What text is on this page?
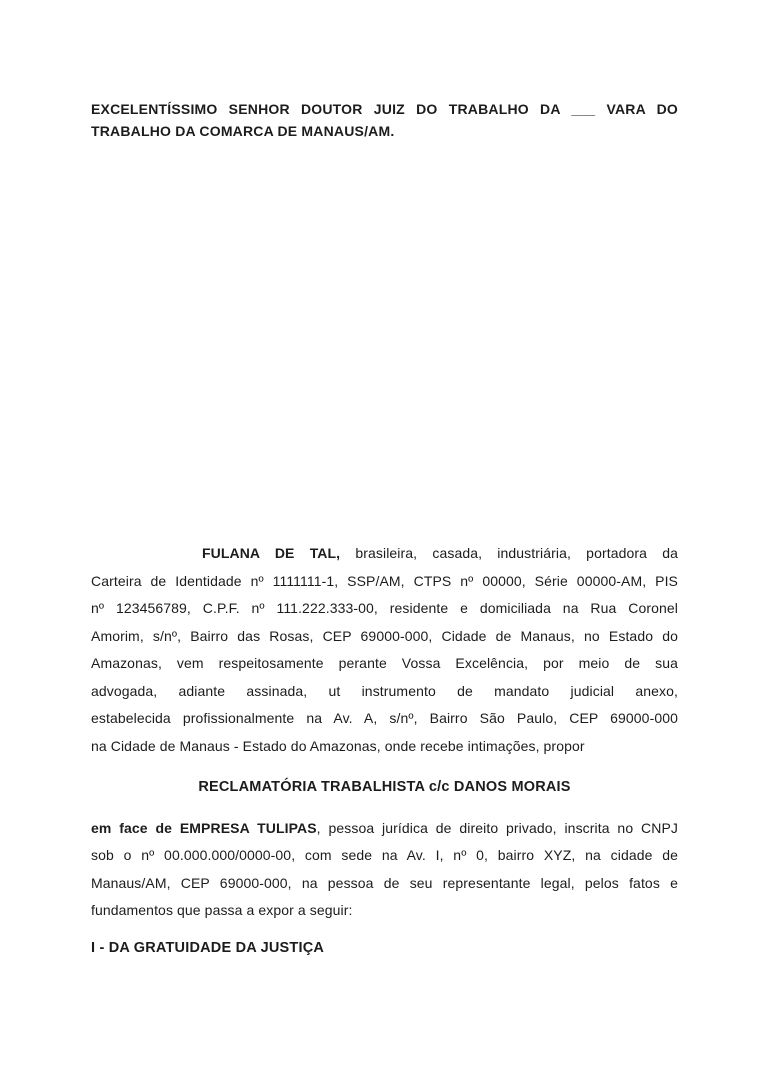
EXCELENTÍSSIMO SENHOR DOUTOR JUIZ DO TRABALHO DA ___ VARA DO
TRABALHO DA COMARCA DE MANAUS/AM.
FULANA DE TAL, brasileira, casada, industriária, portadora da
Carteira de Identidade nº 1111111-1, SSP/AM, CTPS nº 00000, Série 00000-AM, PIS
nº 123456789, C.P.F. nº 111.222.333-00, residente e domiciliada na Rua Coronel
Amorim, s/nº, Bairro das Rosas, CEP 69000-000, Cidade de Manaus, no Estado do
Amazonas, vem respeitosamente perante Vossa Excelência, por meio de sua
advogada, adiante assinada, ut instrumento de mandato judicial anexo,
estabelecida profissionalmente na Av. A, s/nº, Bairro São Paulo, CEP 69000-000
na Cidade de Manaus - Estado do Amazonas, onde recebe intimações, propor
RECLAMATÓRIA TRABALHISTA c/c DANOS MORAIS
em face de EMPRESA TULIPAS, pessoa jurídica de direito privado, inscrita no CNPJ
sob o nº 00.000.000/0000-00, com sede na Av. I, nº 0, bairro XYZ, na cidade de
Manaus/AM, CEP 69000-000, na pessoa de seu representante legal, pelos fatos e
fundamentos que passa a expor a seguir:
I - DA GRATUIDADE DA JUSTIÇA
